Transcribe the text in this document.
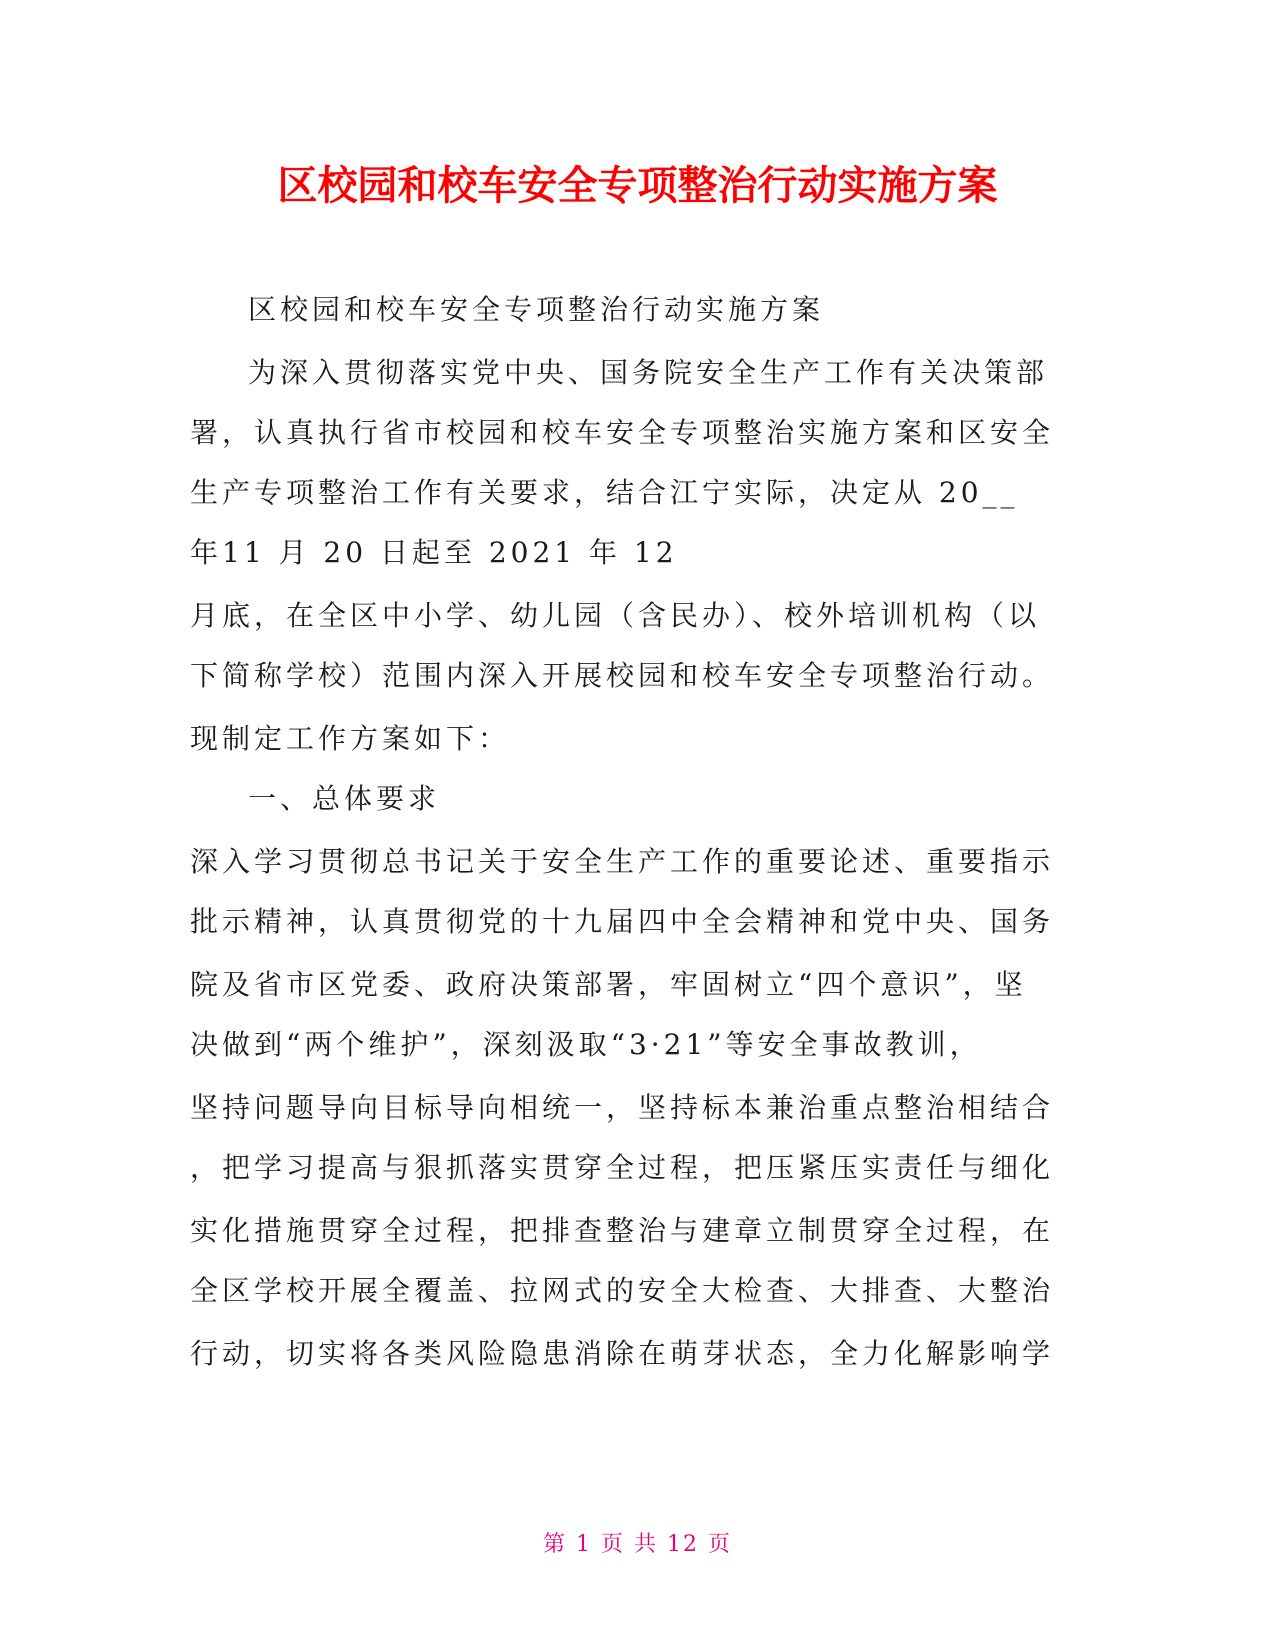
区校园和校车安全专项整治行动实施方案
区校园和校车安全专项整治行动实施方案
为深入贯彻落实党中央、国务院安全生产工作有关决策部
署，认真执行省市校园和校车安全专项整治实施方案和区安全
生产专项整治工作有关要求，结合江宁实际，决定从 20__
年11 月 20 日起至 2021 年 12
月底，在全区中小学、幼儿园（含民办）、校外培训机构（以
下简称学校）范围内深入开展校园和校车安全专项整治行动。
现制定工作方案如下：
一、总体要求
深入学习贯彻总书记关于安全生产工作的重要论述、重要指示
批示精神，认真贯彻党的十九届四中全会精神和党中央、国务
院及省市区党委、政府决策部署，牢固树立“四个意识”，坚
决做到“两个维护”，深刻汲取“3·21”等安全事故教训，
坚持问题导向目标导向相统一，坚持标本兼治重点整治相结合
，把学习提高与狠抓落实贯穿全过程，把压紧压实责任与细化
实化措施贯穿全过程，把排查整治与建章立制贯穿全过程，在
全区学校开展全覆盖、拉网式的安全大检查、大排查、大整治
行动，切实将各类风险隐患消除在萌芽状态，全力化解影响学
第 1 页 共 12 页
